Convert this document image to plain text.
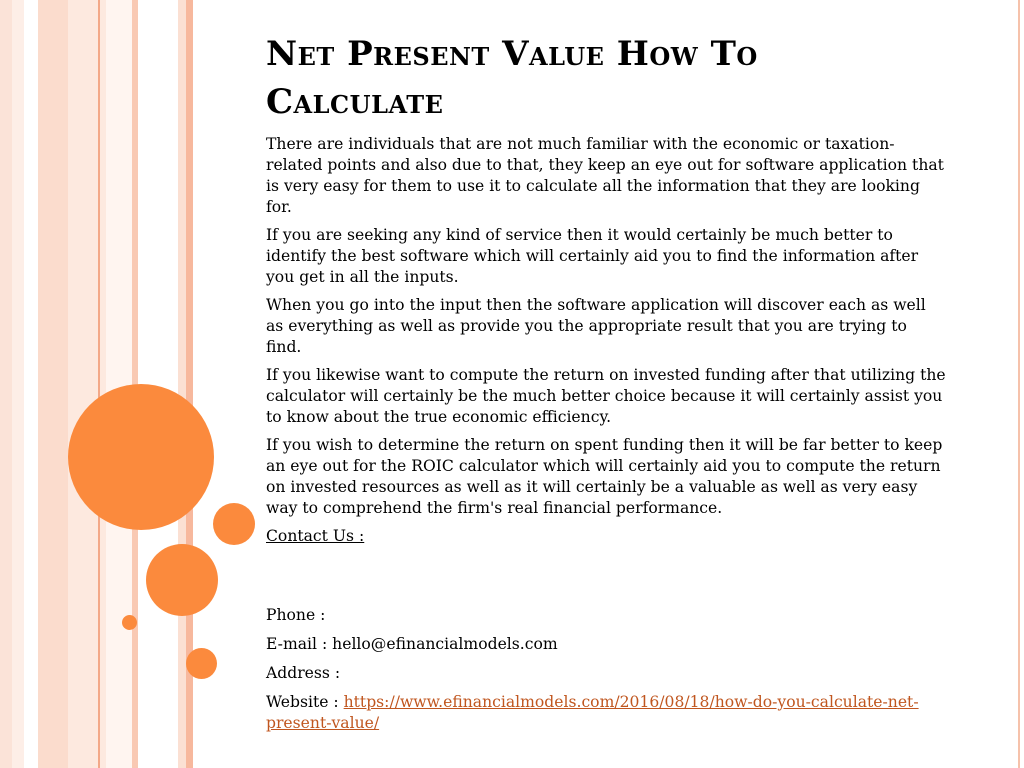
Net Present Value How To Calculate

There are individuals that are not much familiar with the economic or taxation-related points and also due to that, they keep an eye out for software application that is very easy for them to use it to calculate all the information that they are looking for.

If you are seeking any kind of service then it would certainly be much better to identify the best software which will certainly aid you to find the information after you get in all the inputs.

When you go into the input then the software application will discover each as well as everything as well as provide you the appropriate result that you are trying to find.

If you likewise want to compute the return on invested funding after that utilizing the calculator will certainly be the much better choice because it will certainly assist you to know about the true economic efficiency.

If you wish to determine the return on spent funding then it will be far better to keep an eye out for the ROIC calculator which will certainly aid you to compute the return on invested resources as well as it will certainly be a valuable as well as very easy way to comprehend the firm's real financial performance.

Contact Us :

Phone :

E-mail : hello@efinancialmodels.com

Address :

Website : https://www.efinancialmodels.com/2016/08/18/how-do-you-calculate-net-present-value/
